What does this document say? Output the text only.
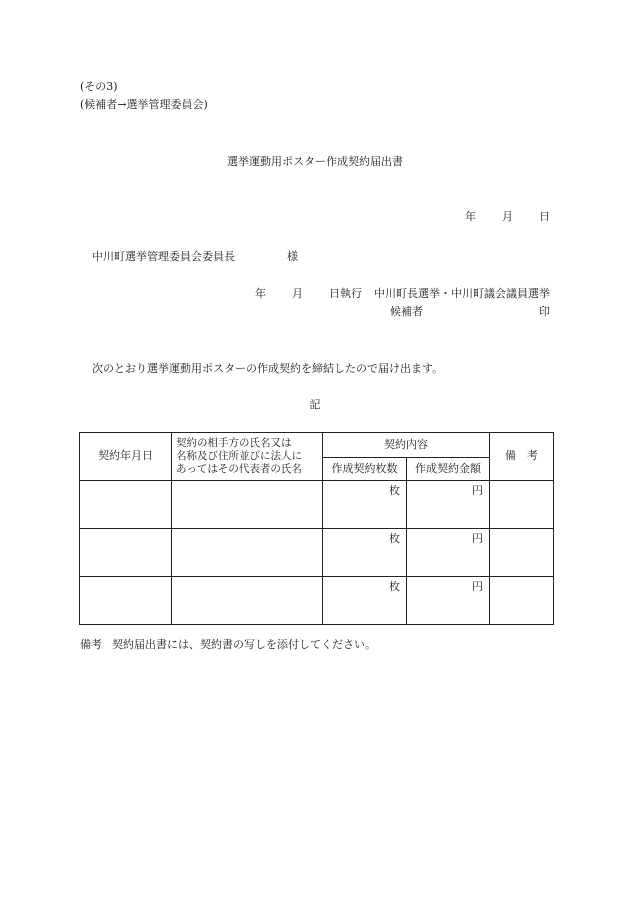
(その3)
(候補者→選挙管理委員会)
選挙運動用ポスター作成契約届出書
年 月 日
中川町選挙管理委員会委員長	様
年 月 日執行 中川町長選挙・中川町議会議員選挙
候補者	印
次のとおり選挙運動用ポスターの作成契約を締結したので届け出ます。
記
契約年月日	契約の相手方の氏名又は
名称及び住所並びに法人に
あってはその代表者の氏名	契約内容		備　考
		作成契約枚数	作成契約金額	
		枚	円	
		枚	円	
		枚	円	
備考 契約届出書には、契約書の写しを添付してください。
